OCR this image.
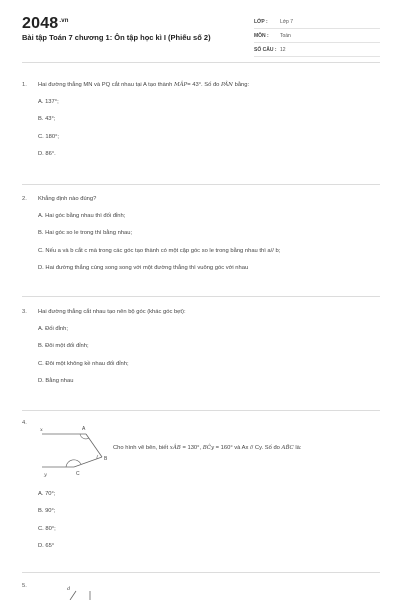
$2048^{.vn}$
Bài tập Toán 7 chương 1: Ôn tập học kì I (Phiếu số 2)
LỚP :	Lớp 7
MÔN :	Toán
SỐ CÂU : 12
1.	Hai đường thẳng MN và PQ cắt nhau tại A tạo thành MÂP= 43°. Số đo PÂN bằng:
A. 137°;
B. 43°;
C. 180°;
D. 86°.
2.	Khẳng định nào đúng?
A. Hai góc bằng nhau thì đối đỉnh;
B. Hai góc so le trong thì bằng nhau;
C. Nếu a và b cắt c mà trong các góc tạo thành có một cặp góc so le trong bằng nhau thì a// b;
D. Hai đường thẳng cùng song song với một đường thẳng thì vuông góc với nhau
3.	Hai đường thẳng cắt nhau tạo nên bộ góc (khác góc bẹt):
A. Đối đỉnh;
B. Đôi một đối đỉnh;
C. Đôi một không kề nhau đối đỉnh;
D. Bằng nhau
4.
x	A
B
y	C
Cho hình vẽ bên, biết xÂB = 130°, BĈy = 160° và Ax // Cy. Số đo AB̂C là:
A. 70°;
B. 90°;
C. 80°;
D. 65°
5.	d
